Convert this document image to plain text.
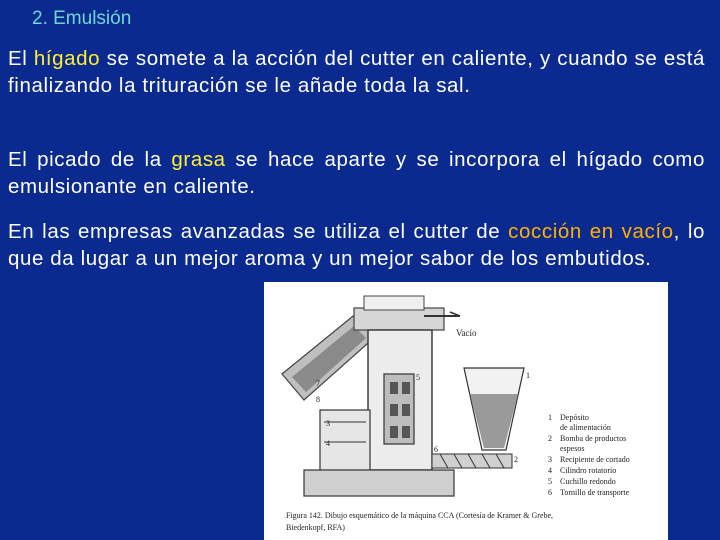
2. Emulsión

El hígado se somete a la acción del cutter en caliente, y cuando se está finalizando la trituración se le añade toda la sal.

El picado de la grasa se hace aparte y se incorpora el hígado como emulsionante en caliente.

En las empresas avanzadas se utiliza el cutter de cocción en vacío, lo que da lugar a un mejor aroma y un mejor sabor de los embutidos.

Vacío
7
8
3
4
5
6
1
2
1 Depósito
de alimentación
2 Bomba de productos
espesos
3 Recipiente de cortado
4 Cilindro rotatorio
5 Cuchillo redondo
6 Tornillo de transporte
Figura 142. Dibujo esquemático de la máquina CCA (Cortesía de Kramer & Grebe,
Biedenkopf, RFA)
